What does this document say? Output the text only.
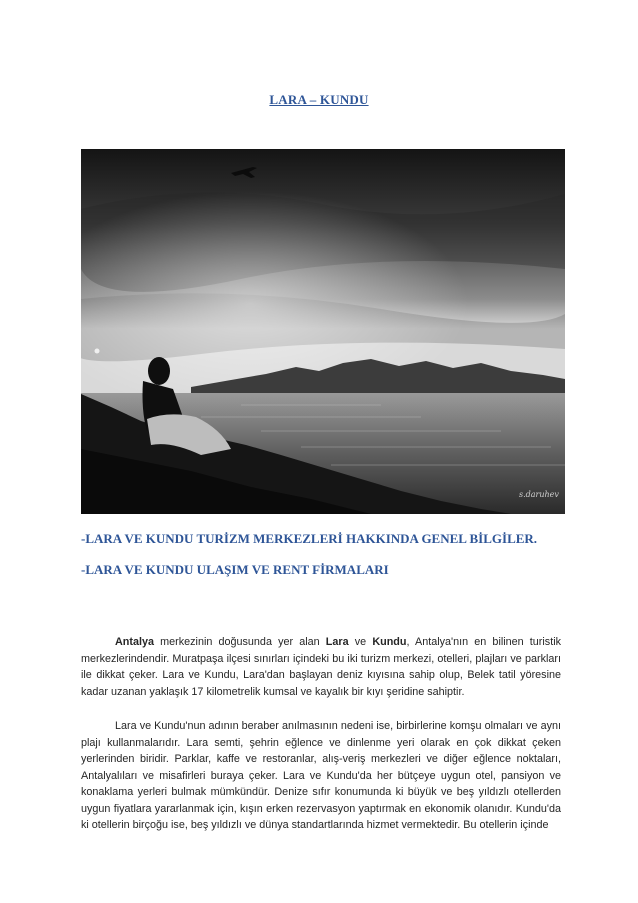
LARA – KUNDU
s.daruhev
-LARA VE KUNDU TURİZM MERKEZLERİ HAKKINDA GENEL BİLGİLER.
-LARA VE KUNDU ULAŞIM VE RENT FİRMALARI

Antalya merkezinin doğusunda yer alan Lara ve Kundu, Antalya'nın en bilinen turistik merkezlerindendir. Muratpaşa ilçesi sınırları içindeki bu iki turizm merkezi, otelleri, plajları ve parkları ile dikkat çeker. Lara ve Kundu, Lara'dan başlayan deniz kıyısına sahip olup, Belek tatil yöresine kadar uzanan yaklaşık 17 kilometrelik kumsal ve kayalık bir kıyı şeridine sahiptir.

Lara ve Kundu'nun adının beraber anılmasının nedeni ise, birbirlerine komşu olmaları ve aynı plajı kullanmalarıdır. Lara semti, şehrin eğlence ve dinlenme yeri olarak en çok dikkat çeken yerlerinden biridir. Parklar, kaffe ve restoranlar, alış-veriş merkezleri ve diğer eğlence noktaları, Antalyalıları ve misafirleri buraya çeker. Lara ve Kundu'da her bütçeye uygun otel, pansiyon ve konaklama yerleri bulmak mümkündür. Denize sıfır konumunda ki büyük ve beş yıldızlı otellerden uygun fiyatlara yararlanmak için, kışın erken rezervasyon yaptırmak en ekonomik olanıdır. Kundu'da ki otellerin birçoğu ise, beş yıldızlı ve dünya standartlarında hizmet vermektedir. Bu otellerin içinde
